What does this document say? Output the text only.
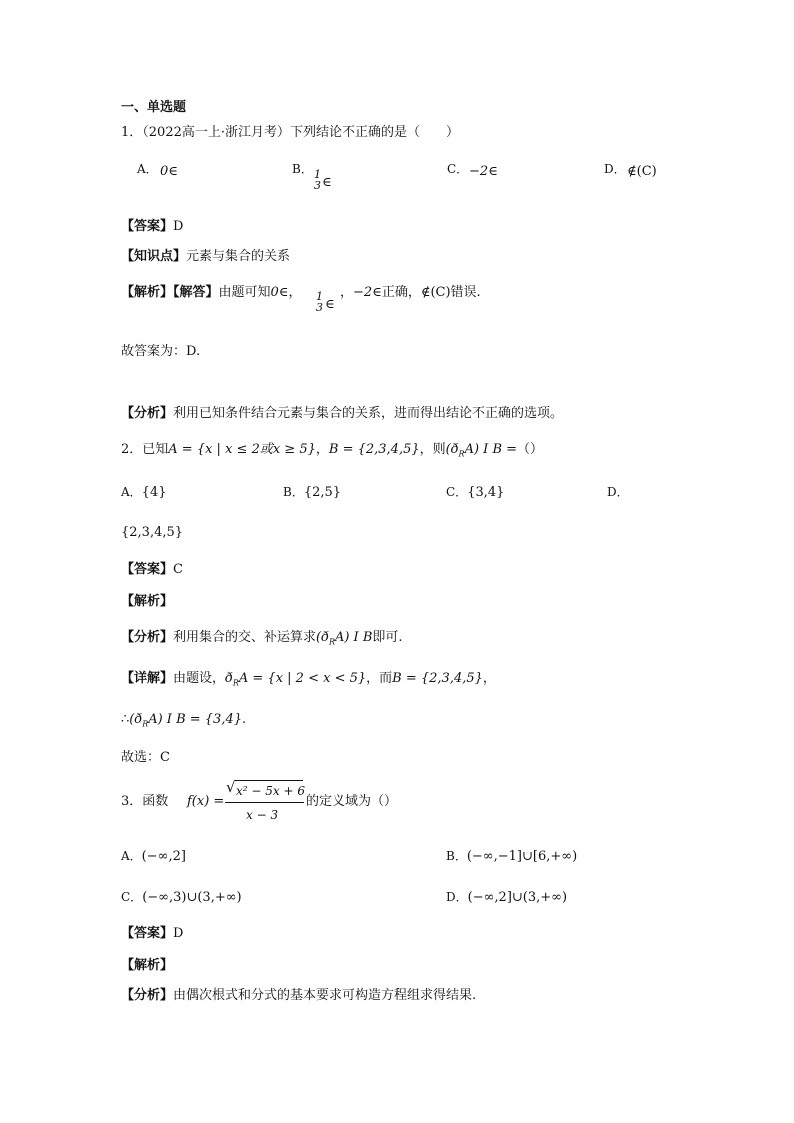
一、单选题
1．（2022高一上·浙江月考）下列结论不正确的是（　　）
A． 0∈	B． 1
3 ∈
C． −2∈	D． ∉(C)
【答案】D
【知识点】元素与集合的关系
【解析】【解答】由题可知0∈， 1
3 ∈
，−2∈正确，∉(C)错误.
故答案为：D.
【分析】利用已知条件结合元素与集合的关系，进而得出结论不正确的选项。
2．已知A = {x | x ≤ 2或x ≥ 5}，B = {2,3,4,5}，则$(ð_RA)$ I B =（）
A．{4}	B．{2,5}	C．{3,4}	D．
{2,3,4,5}
【答案】C
【解析】
【分析】利用集合的交、补运算求$(ð_RA)$ I B即可.
【详解】由题设，$ð_RA = \{x$ | 2 < x < 5}，而B = {2,3,4,5}，
$\therefore(ð_RA)$ I B = {3,4}.
故选：C
3．函数 f(x) =
√ x² − 5x + 6
x − 3
的定义域为（）
A．(−∞,2]	B．(−∞,−1]∪[6,+∞)
C．(−∞,3)∪(3,+∞)	D．(−∞,2]∪(3,+∞)
【答案】D
【解析】
【分析】由偶次根式和分式的基本要求可构造方程组求得结果.
